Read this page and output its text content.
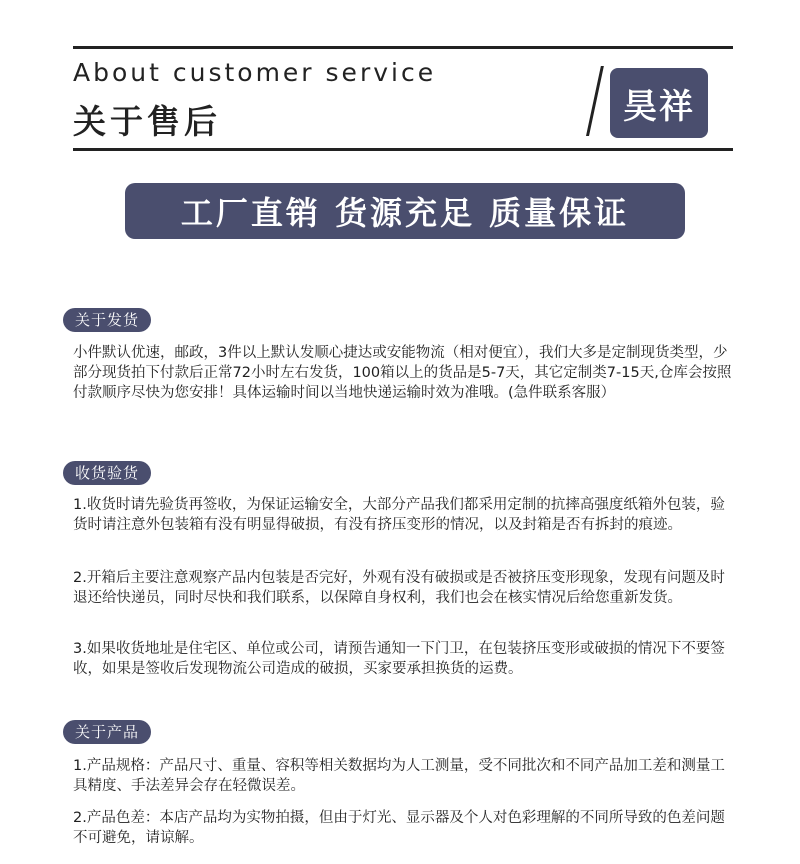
About customer service
关于售后	昊祥
工厂直销 货源充足 质量保证
关于发货
小件默认优速，邮政，3件以上默认发顺心捷达或安能物流（相对便宜），我们大多是定制现货类型，少部分现货拍下付款后正常72小时左右发货，100箱以上的货品是5-7天，其它定制类7-15天,仓库会按照付款顺序尽快为您安排！具体运输时间以当地快递运输时效为准哦。(急件联系客服）
收货验货
1.收货时请先验货再签收，为保证运输安全，大部分产品我们都采用定制的抗摔高强度纸箱外包装，验货时请注意外包装箱有没有明显得破损，有没有挤压变形的情况，以及封箱是否有拆封的痕迹。
2.开箱后主要注意观察产品内包装是否完好，外观有没有破损或是否被挤压变形现象，发现有问题及时退还给快递员，同时尽快和我们联系，以保障自身权利，我们也会在核实情况后给您重新发货。
3.如果收货地址是住宅区、单位或公司，请预告通知一下门卫，在包装挤压变形或破损的情况下不要签收，如果是签收后发现物流公司造成的破损，买家要承担换货的运费。
关于产品
1.产品规格：产品尺寸、重量、容积等相关数据均为人工测量，受不同批次和不同产品加工差和测量工具精度、手法差异会存在轻微误差。
2.产品色差：本店产品均为实物拍摄，但由于灯光、显示器及个人对色彩理解的不同所导致的色差问题不可避免，请谅解。
